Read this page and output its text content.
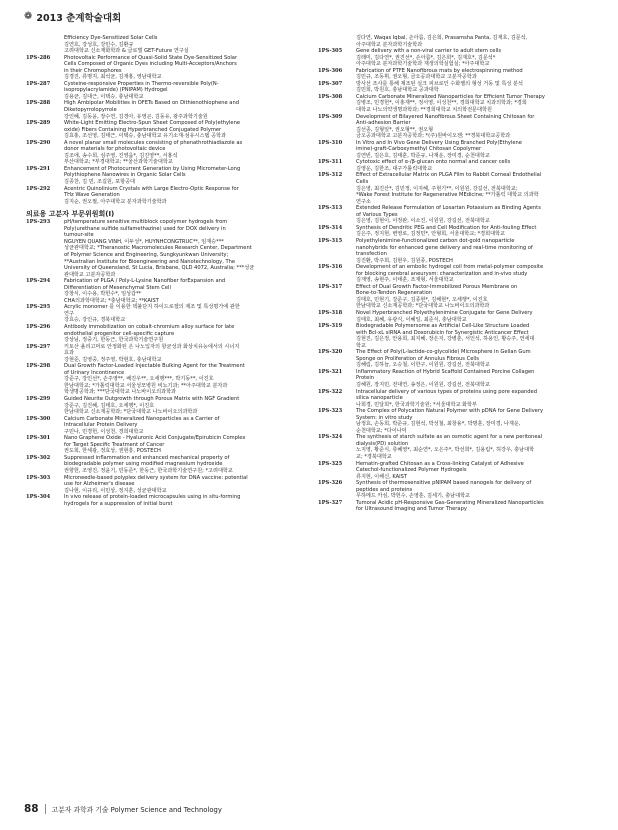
❁ 2013 춘계학술대회
Efficiency Dye-Sensitized Solar Cells
김연호, 강성호, 강민수, 김환규
고려대학교 신소재화학과 & 글로벌 GET-Future 연구실
1PS-286	Photovoltaic Performance of Quasi-Solid State Dye-Sensitized Solar
Cells Composed of Organic Dyes including Multi-Acceptors/Anchors
in their Chromophores
김경진, 류명지, 최석균, 김재홍, 영남대학교
1PS-287	Cysteine-responsive Properties in Thermo-reversible Poly(N-
isopropylacrylamide) (PNIPAM) Hydrogel
김용균, 김대근, 이택승, 충남대학교
1PS-288	High Ambipolar Mobilities in OFETs Based on Dithienothiophene and
Diketopyrrolopyrrole
강인혜, 김동윤, 장수연, 김경아, 유영곤, 김동유, 광주과학기술원
1PS-289	White-Light Emitting Electro-Spun Sheet Composed of Poly(ethylene
oxide) Fibers Containing Hyperbranched Conjugated Polymer
김효홍, 조선영, 김태근, 이택승, 충남대학교 유기소재·섬유시스템 공학과
1PS-290	A novel planar small molecules consisting of phenathrothiadiazole as
donor materials for photovoltaic device
김조애, 송수희, 심주영, 진영읍*, 김진영**, 서홍석
부산대학교; *부경대학교; **울산과학기술대학교
1PS-291	Enhancement of Photocurrent Generation by Using Micrometer-Long
Polythiophene Nanowires in Organic Solar Cells
김종찬, 김 민, 조길원, 포항공대
1PS-292	Acentric Quinolinium Crystals with Large Electro-Optic Response for
THz Wave Generation
김지순, 권오필, 아주대학교 분자과학기술학과
의료용 고분자 부문위원회(I)
1PS-293	pH/temperature sensitive multiblock copolymer hydrogels from
Poly(urethane sulfide sulfamethazine) used for DOX delivery in
tumour-site
NGUYEN QUANG VINH, 이두성*, HUYNHCONGTRUC**, 임재승***
성균관대학교; *Theranostic Macromolecules Research Center, Department
of Polymer Science and Engineering, Sungkyunkwan University;
**Australian Institute for Bioengineering and Nanotechnology, The
University of Queensland, St Lucia, Brisbane, QLD 4072, Australia; ***성균
관대학교 고분자공학과
1PS-294	Fabrication of PLGA / Poly-L-Lysine Nanofiber forExpansion and
Differentiation of Mesenchymal Stem Cell
강창식, 이수용, 박헌수*, 임성갑**
CHA의과학대학교; *충남대학교; **KAIST
1PS-295	Acrylic monomer 를 이용한 덱불단지 하이드로겔의 제조 및 특성평가에 관한
연구
강효승, 강인규, 경북대학교
1PS-296	Antibody immobilization on cobalt-chromium alloy surface for late
endothelial progenitor cell-specific capture
강상님, 정중기, 한동근, 한국과학기술연구원
1PS-297	키토산 올리고머로 안정화된 은 나노입자의 항균성과 화상치유능에서의 시너지
효과
강현준, 김영중, 정주영, 박현호, 충남대학교
1PS-298	Dual Growth Factor-Loaded Injectable Bulking Agent for the Treatment
of Urinary Incontinence
강준구, 강인선*, 손주영**, 배진우**, 오세행***, 박기동**, 이진호
한남대학교; *가톨릭대학교 서울성모병원 비뇨기과; **아주대학교 분자과
학생명공학과; ***단국대학교 나노바이오의과학과
1PS-299	Guided Neurite Outgrowth through Porous Matrix with NGF Gradient
강준구, 김진혜, 김태호, 오세행*, 이진호
한남대학교 신소재공학과; *단국대학교 나노바이오의과학과
1PS-300	Calcium Carbonate Mineralized Nanoparticles as a Carrier of
Intracellular Protein Delivery
구민나, 민경헌, 이성천, 경희대학교
1PS-301	Nano Graphene Oxide - Hyaluronic Acid Conjugate/Epirubicin Complex
for Target Specific Treatment of Cancer
권도희, 한세광, 정효상, 권현흥, POSTECH
1PS-302	Suppressed inflammation and enhanced mechanical property of
biodegradable polymer using modified magnesium hydroxide
권향헌, 조영진, 정윤기, 민동준*, 한동근, 한국과학기술연구원; *고려대학교
1PS-303	Microneedle-based polyplex delivery system for DNA vaccine: potential
use for Alzheimer's disease
김나현, 이규리, 이민상, 정지훈, 성균관대학교
1PS-304	In vivo release of protein-loaded microcapsules using in situ-forming
hydrogels for a suppression of initial burst
김다연, Waqas Iqbal, 손아름, 김은희, Prasamsha Panta, 김재호, 김문석,
아주대학교 분자과학기술학과
1PS-305	Gene delivery with a non-viral carrier to adult stem cells
김래미, 김다연*, 권진선*, 손아름*, 김은희*, 김재호*, 김문석*
아주대학교 분자과학기술학과 재생의학실험실; *아주대학교
1PS-306	Fabrication of PTFE Nanofibrous mats by electrospinning method
김민규, 조동휘, 권오형, 금오공과대학교 고분자공학과
1PS-307	방사선 조사를 통해 제조된 실크 피브로인 수화젤의 형성 거동 및 특성 분석
김민희, 박원호, 충남대학교 공과대학
1PS-308	Calcium Carbonate Mineralized Nanoparticles for Efficient Tumor Therapy
김병조, 민경헌*, 이홍재**, 정서영, 이성천**, 경희대학교 치과의학과; *경희
대학교 나노의약생명과학과; **경희대학교 치의학전문대학원
1PS-309	Development of Bilayered Nanofibrous Sheet Containing Chitosan for
Anti-adhesion Barrier
김선종, 김형일*, 권오형**, 권오형
금오공과대학교 고분자공학과; *(주)원바이오젠; **경북대학교공학과
1PS-310	In Vitro and In Vivo Gene Delivery Using Branched Poly(Ethylene
imine)-graft-Carboxymethyl Chitosan Copolymer
김연빈, 김은호, 김태훈, 박준규, 나재운, 장미경, 순천대학교
1PS-311	Cytotoxic effect of α-/β-glucan onto normal and cancer cells
김영운, 김한조, 대구가톨릭대학교
1PS-312	Effect of Extracellular Matrix on PLGA Film to Rabbit Corneal Endothelial
Cells
김은영, 최진산*, 김민정, 이지혜, 주현기**, 이원원, 강길선, 전북대학교;
*Wake Forest Institute for Regenerative MEdicine; **가톨릭 대학교 의과학
연구소
1PS-313	Extended Release Formulation of Losartan Potassium as Binding Agents
of Various Types
김은영, 김현이, 이정완, 이소진, 이원원, 강길선, 전북대학교
1PS-314	Synthesis of Dendritic PEG and Cell Modification for Anti-fouling Effect
김은주, 정지현, 변영로, 김정민*, 안형희, 서울대학교; *경희대학교
1PS-315	Polyethylenimine-functionalized carbon dot-gold nanoparticle
nanohybrids for enhanced gene delivery and real-time monitoring of
transfection
김진환, 박주희, 김현우, 김원종, POSTECH
1PS-316	Development of an embolic hydrogel coil from metal-polymer composite
for blocking cerebral aneurysm: characterization and in-vivo study
김재영, 송현주, 이태훈, 조재형, 서울대학교
1PS-317	Effect of Dual Growth Factor-Immobilized Porous Membrane on
Bone-to-Tendon Regeneration
김태호, 민현기, 강준구, 김종현*, 김해현*, 오세행*, 이진호
한남대학교 신소재공학과; *단국대학교 나노바이오의과학과
1PS-318	Novel Hyperbranched Polyethylenimine Conjugate for Gene Delivery
김태호, 최혜, 유광식, 이혜일, 최준식, 충남대학교
1PS-319	Biodegradable Polymersome as Artificial Cell-Like Structure Loaded
with Bcl-xL siRNA and Doxorubicin for Synergistic Anticancer Effect
김현진, 김은정, 안용희, 최지혜, 장은지, 강병훈, 서인석, 하용인, 황승주, 연세대
학교
1PS-320	The Effect of Poly(L-lactide-co-glycolide) Microsphere in Gellan Gum
Sponge on Proliferation of Annulus Fibrous Cells
김혜림, 김하늘, 오승철, 이한구, 이원원, 강길선, 전북대학교
1PS-321	Inflammatory Reaction of Hybrid Scaffold Contained Porcine Collagen
Protein
김혜원, 장지민, 전대연, 송정은, 이원원, 강길선, 전북대학교
1PS-322	Intracellular delivery of various types of proteins using pore expanded
silica nanoparticle
나희경, 민달희*, 한국과학기술원; *서울대학교 화학부
1PS-323	The Complex of Polycation Natural Polymer with pDNA for Gene Delivery
System: in vitro study
남정효, 손동희, 박준규, 김현석, 박성철, 최창용*, 박명훈, 장미경, 나재운,
순천대학교; *다이나딕
1PS-324	The synthesis of starch sulfate as an osmotic agent for a new peritoneal
dialysis(PD) solution
노지영, 황준식, 류혜영*, 최순연*, 오은주*, 박선희*, 김용림*, 허강우, 충남대학
교; *경북대학교
1PS-325	Hematin-grafted Chitosan as a Cross-linking Catalyst of Adhesive
Catechol-functionalized Polymer Hydrogels
류지현, 이해신, KAIST
1PS-326	Synthesis of thermosensitive pNIPAM based nanogels for delivery of
peptides and proteins
무하메드 카심, 박헌수, 손영훈, 김세기, 충남대학교
1PS-327	Tumoral Acidic pH-Responsive Gas-Generating Mineralized Nanoparticles
for Ultrasound Imaging and Tumor Therapy
88 고분자 과학과 기술 Polymer Science and Technology
